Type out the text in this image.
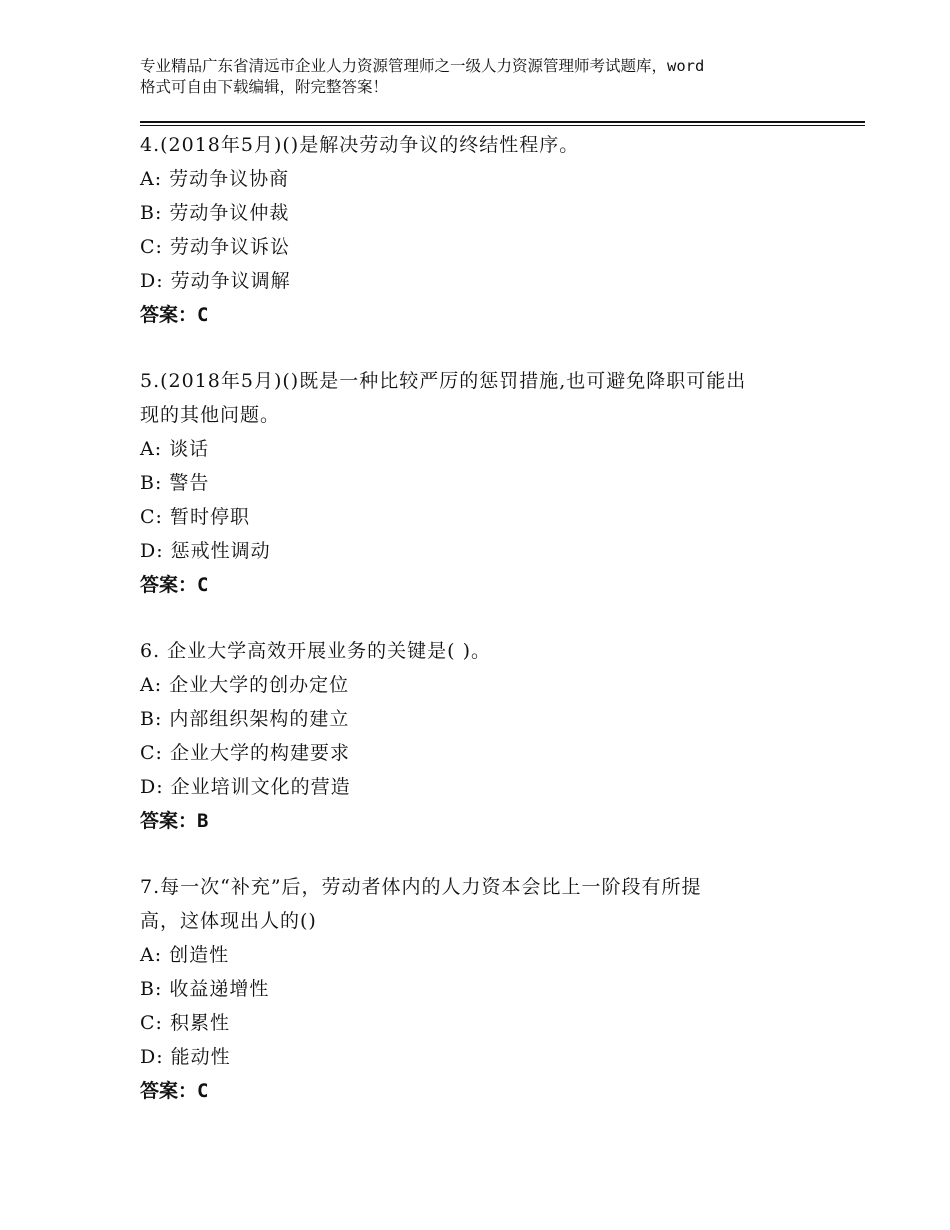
专业精品广东省清远市企业人力资源管理师之一级人力资源管理师考试题库，word
格式可自由下载编辑，附完整答案！
4.(2018年5月)()是解决劳动争议的终结性程序。
A: 劳动争议协商
B: 劳动争议仲裁
C: 劳动争议诉讼
D: 劳动争议调解
答案：C
5.(2018年5月)()既是一种比较严厉的惩罚措施,也可避免降职可能出
现的其他问题。
A: 谈话
B: 警告
C: 暂时停职
D: 惩戒性调动
答案：C
6. 企业大学高效开展业务的关键是( )。
A: 企业大学的创办定位
B: 内部组织架构的建立
C: 企业大学的构建要求
D: 企业培训文化的营造
答案：B
7.每一次“补充”后，劳动者体内的人力资本会比上一阶段有所提
高，这体现出人的()
A: 创造性
B: 收益递增性
C: 积累性
D: 能动性
答案：C
